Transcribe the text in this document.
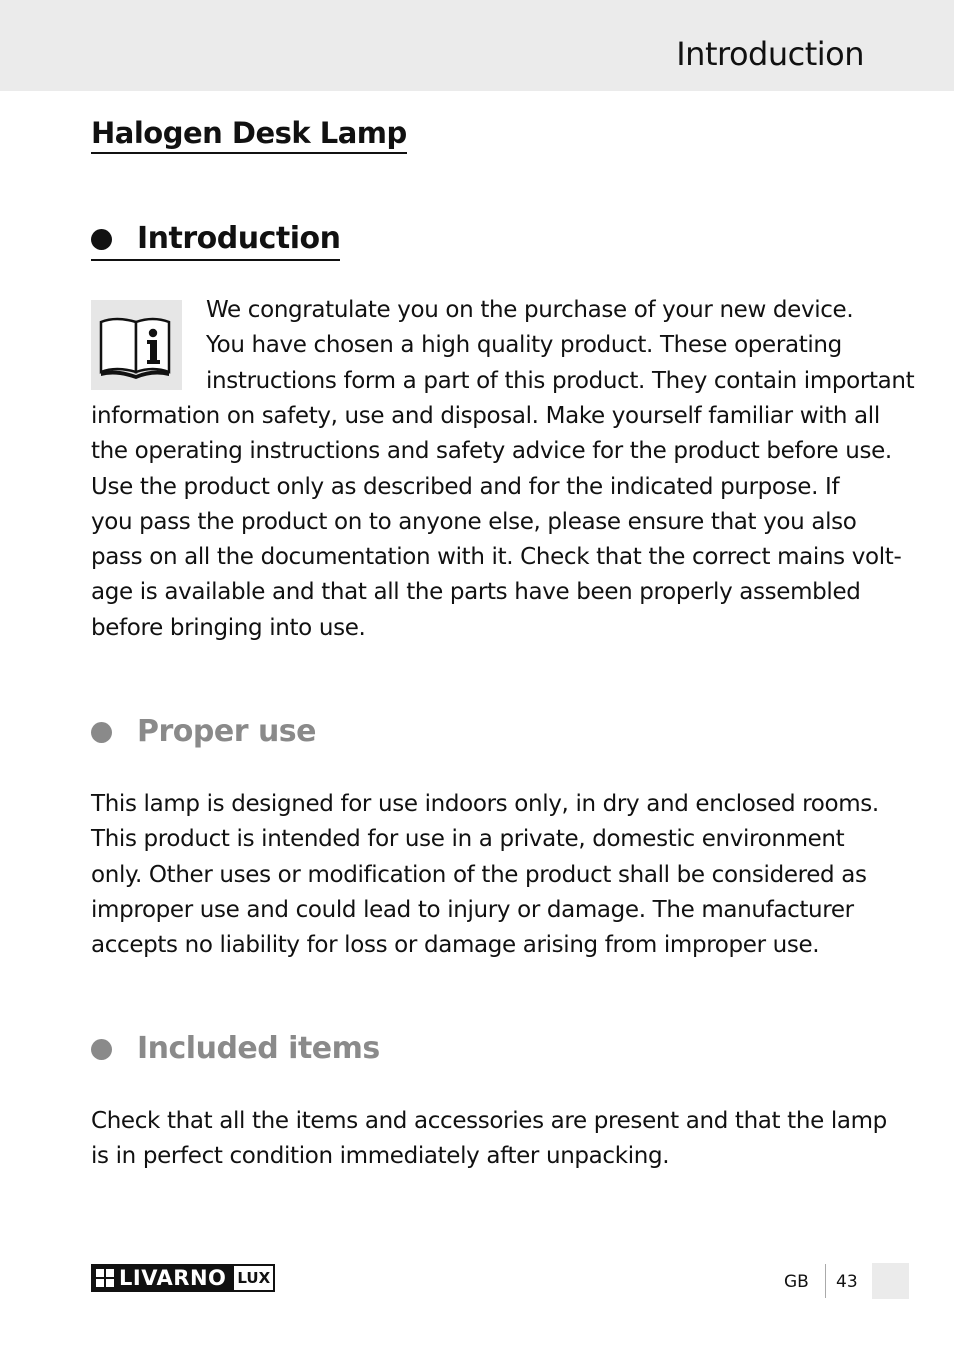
Introduction
Halogen Desk Lamp
Introduction

We congratulate you on the purchase of your new device.
You have chosen a high quality product. These operating
instructions form a part of this product. They contain important

information on safety, use and disposal. Make yourself familiar with all
the operating instructions and safety advice for the product before use.
Use the product only as described and for the indicated purpose. If
you pass the product on to anyone else, please ensure that you also
pass on all the documentation with it. Check that the correct mains volt-
age is available and that all the parts have been properly assembled
before bringing into use.

Proper use

This lamp is designed for use indoors only, in dry and enclosed rooms.
This product is intended for use in a private, domestic environment
only. Other uses or modification of the product shall be considered as
improper use and could lead to injury or damage. The manufacturer
accepts no liability for loss or damage arising from improper use.

Included items

Check that all the items and accessories are present and that the lamp
is in perfect condition immediately after unpacking.

LIVARNO LUX	GB 43
